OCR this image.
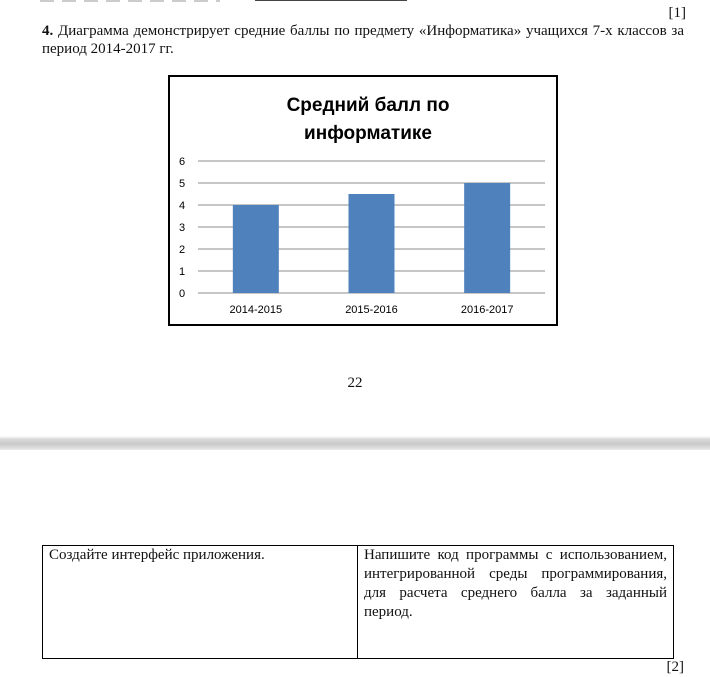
[1]
4. Диаграмма демонстрирует средние баллы по предмету «Информатика» учащихся 7-х классов за период 2014-2017 гг.
Средний балл по
информатике
0
1
2
3
4
5
6
2014-2015	2015-2016	2016-2017
22
Создайте интерфейс приложения.	Напишите код программы с использованием, интегрированной среды программирования, для расчета среднего балла за заданный период.
[2]
